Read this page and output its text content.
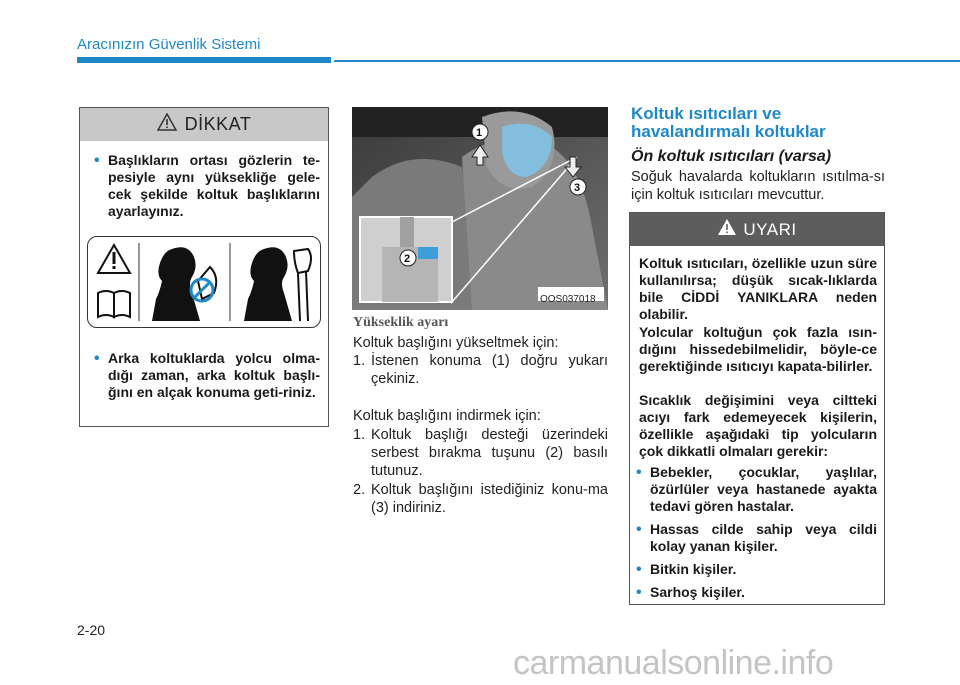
Aracınızın Güvenlik Sistemi
DİKKAT
• Başlıkların ortası gözlerin te-pesiyle aynı yüksekliğe gele-cek şekilde koltuk başlıklarını ayarlayınız.
• Arka koltuklarda yolcu olma-dığı zaman, arka koltuk başlı-ğını en alçak konuma geti-riniz.
1
2
3
OOS037018
Yükseklik ayarı
Koltuk başlığını yükseltmek için:
1. İstenen konuma (1) doğru yukarı çekiniz.
Koltuk başlığını indirmek için:
1. Koltuk başlığı desteği üzerindeki serbest bırakma tuşunu (2) basılı tutunuz.
2. Koltuk başlığını istediğiniz konu-ma (3) indiriniz.
Koltuk ısıtıcıları ve havalandırmalı koltuklar
Ön koltuk ısıtıcıları (varsa)
Soğuk havalarda koltukların ısıtılma-sı için koltuk ısıtıcıları mevcuttur.
UYARI
Koltuk ısıtıcıları, özellikle uzun süre kullanılırsa; düşük sıcak-lıklarda bile CİDDİ YANIKLARA neden olabilir.
Yolcular koltuğun çok fazla ısın-dığını hissedebilmelidir, böyle-ce gerektiğinde ısıtıcıyı kapata-bilirler.
Sıcaklık değişimini veya ciltteki acıyı fark edemeyecek kişilerin, özellikle aşağıdaki tip yolcuların çok dikkatli olmaları gerekir:
• Bebekler, çocuklar, yaşlılar, özürlüler veya hastanede ayakta tedavi gören hastalar.
• Hassas cilde sahip veya cildi kolay yanan kişiler.
• Bitkin kişiler.
• Sarhoş kişiler.
2-20
carmanualsonline.info
